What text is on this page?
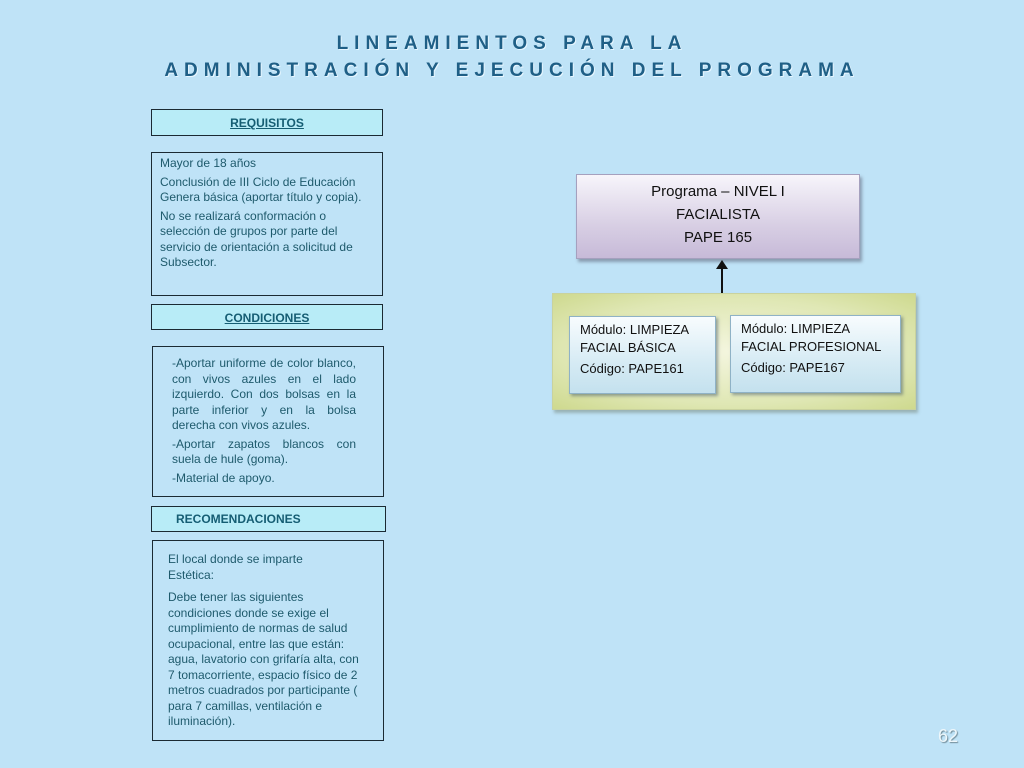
LINEAMIENTOS PARA LA
ADMINISTRACIÓN Y EJECUCIÓN DEL PROGRAMA
REQUISITOS

Mayor de 18 años

Conclusión de III Ciclo de Educación Genera básica (aportar título y copia).

No se realizará conformación o selección de grupos por parte del servicio de orientación a solicitud de Subsector.

CONDICIONES

-Aportar uniforme de color blanco, con vivos azules en el lado izquierdo. Con dos bolsas en la parte inferior y en la bolsa derecha con vivos azules.

-Aportar zapatos blancos con suela de hule (goma).

-Material de apoyo.

RECOMENDACIONES

El local donde se imparte Estética:

Debe tener las siguientes condiciones donde se exige el cumplimiento de normas de salud ocupacional, entre las que están: agua, lavatorio con grifaría alta, con 7 tomacorriente, espacio físico de 2 metros cuadrados por participante ( para 7 camillas, ventilación e iluminación).

Programa – NIVEL I
FACIALISTA
PAPE 165
Módulo: LIMPIEZA
FACIAL BÁSICA
Código: PAPE161
Módulo: LIMPIEZA
FACIAL PROFESIONAL
Código: PAPE167
62
